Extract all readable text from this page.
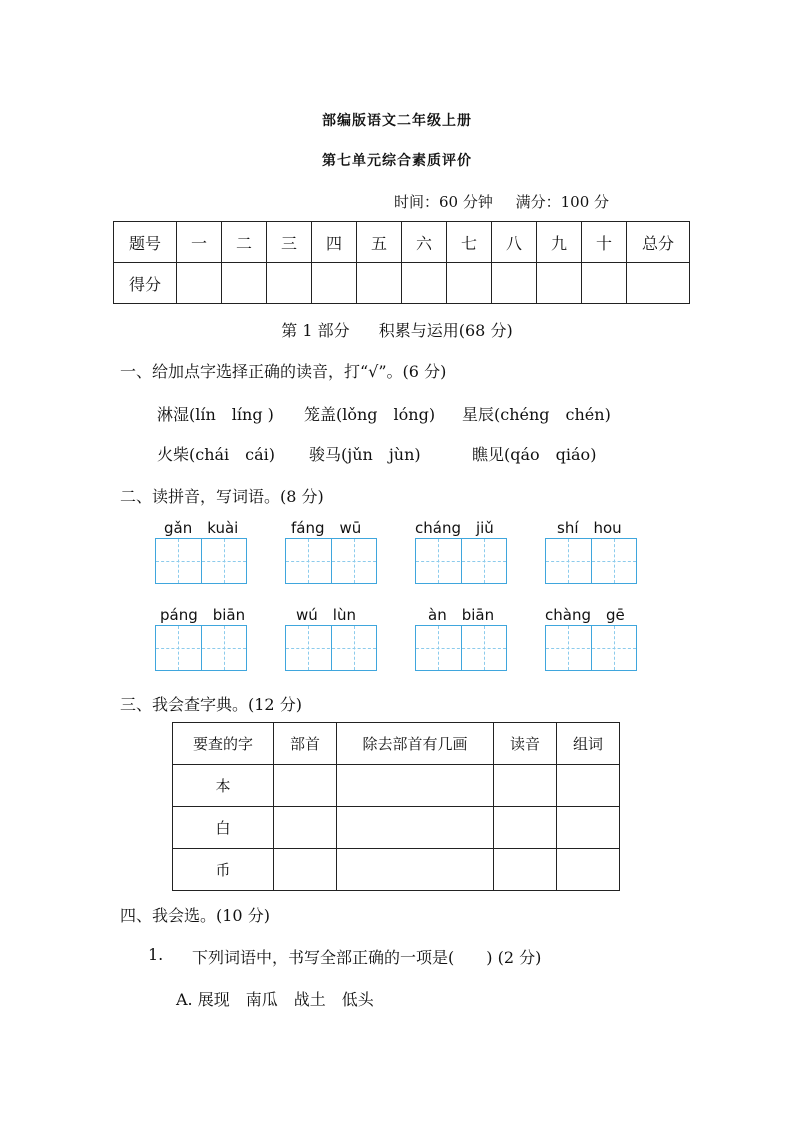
部编版语文二年级上册
第七单元综合素质评价
时间：60 分钟 满分：100 分
题号	一	二	三	四	五	六	七	八	九	十	总分
得分											
第 1 部分 积累与运用(68 分)
一、给加点字选择正确的读音，打“√”。(6 分)
淋湿(lín　líng ) 笼盖(lǒng　lóng) 星辰(chéng　chén)
火柴(chái　cái) 骏马(jǔn　jùn)	瞧见(qáo　qiáo)
二、读拼音，写词语。(8 分)
gǎn　kuài	fáng　wū	cháng　jiǔ	shí　hou
páng　biān	wú　lùn	àn　biān	chàng　gē
三、我会查字典。(12 分)
要查的字	部首	除去部首有几画	读音	组词
本				
白				
币				
四、我会选。(10 分)
1. 下列词语中，书写全部正确的一项是(　　) (2 分)
A. 展现　南瓜　战土　低头
